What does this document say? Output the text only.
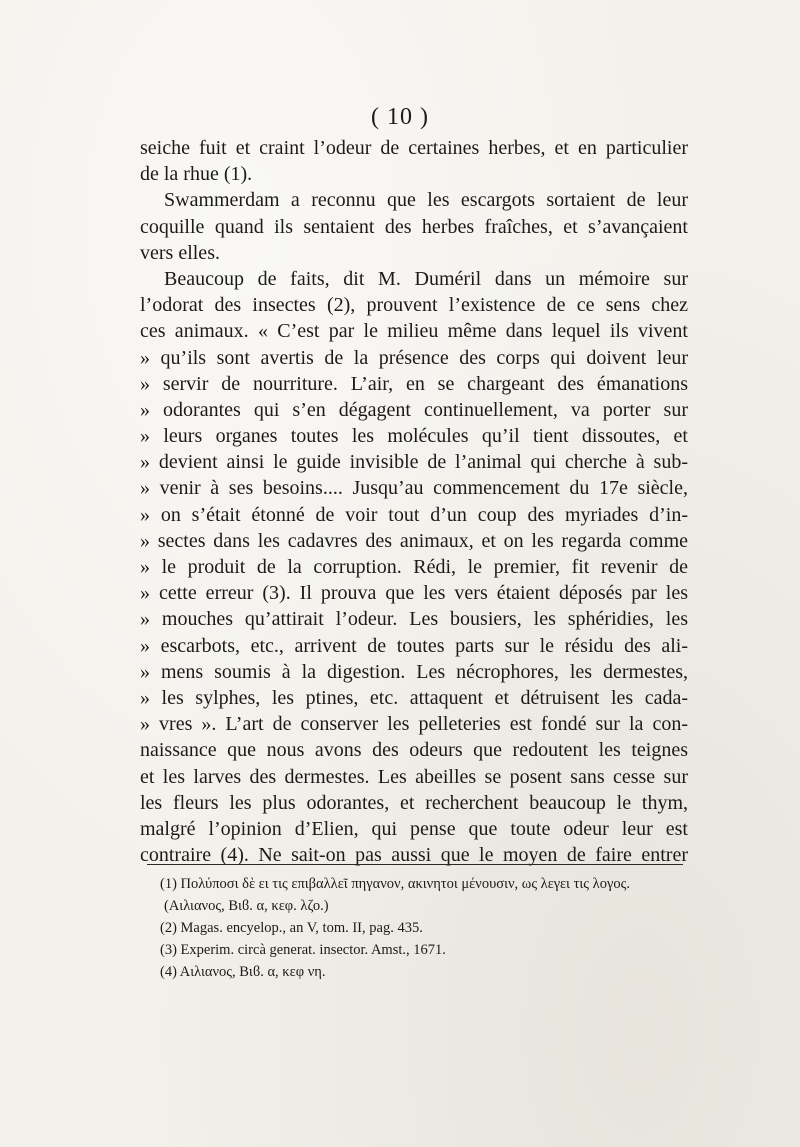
( 10 )
seiche fuit et craint l’odeur de certaines herbes, et en particulier
de la rhue (1).
Swammerdam a reconnu que les escargots sortaient de leur
coquille quand ils sentaient des herbes fraîches, et s’avançaient
vers elles.
Beaucoup de faits, dit M. Duméril dans un mémoire sur
l’odorat des insectes (2), prouvent l’existence de ce sens chez
ces animaux. « C’est par le milieu même dans lequel ils vivent
» qu’ils sont avertis de la présence des corps qui doivent leur
» servir de nourriture. L’air, en se chargeant des émanations
» odorantes qui s’en dégagent continuellement, va porter sur
» leurs organes toutes les molécules qu’il tient dissoutes, et
» devient ainsi le guide invisible de l’animal qui cherche à sub-
» venir à ses besoins.... Jusqu’au commencement du 17e siècle,
» on s’était étonné de voir tout d’un coup des myriades d’in-
» sectes dans les cadavres des animaux, et on les regarda comme
» le produit de la corruption. Rédi, le premier, fit revenir de
» cette erreur (3). Il prouva que les vers étaient déposés par les
» mouches qu’attirait l’odeur. Les bousiers, les sphéridies, les
» escarbots, etc., arrivent de toutes parts sur le résidu des ali-
» mens soumis à la digestion. Les nécrophores, les dermestes,
» les sylphes, les ptines, etc. attaquent et détruisent les cada-
» vres ». L’art de conserver les pelleteries est fondé sur la con-
naissance que nous avons des odeurs que redoutent les teignes
et les larves des dermestes. Les abeilles se posent sans cesse sur
les fleurs les plus odorantes, et recherchent beaucoup le thym,
malgré l’opinion d’Elien, qui pense que toute odeur leur est
contraire (4). Ne sait-on pas aussi que le moyen de faire entrer
(1) Πολύποσι δὲ ει τις επιβαλλεῖ πηγανον, ακινητοι μένουσιν, ως λεγει τις λογος.
(Αιλιανος, Βιϐ. α, κεφ. λζο.)
(2) Magas. encyelop., an V, tom. II, pag. 435.
(3) Experim. circà generat. insector. Amst., 1671.
(4) Αιλιανος, Βιϐ. α, κεφ νη.
